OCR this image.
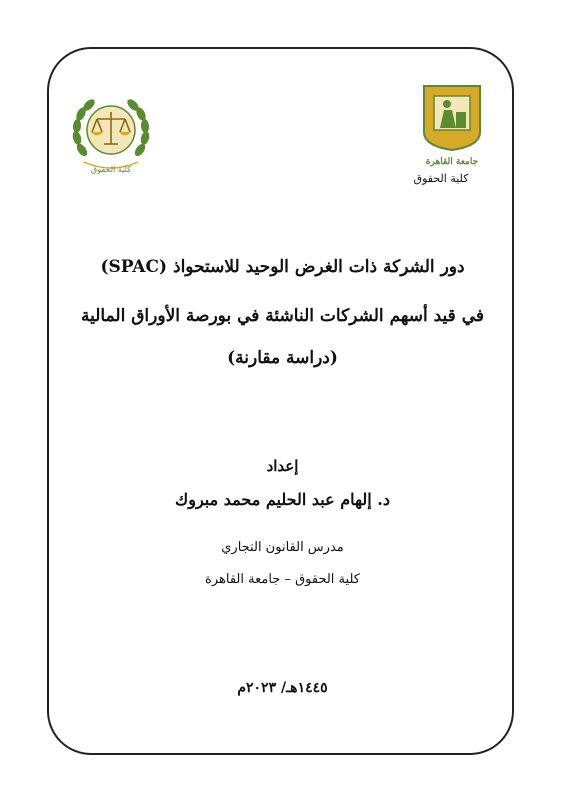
كلية الحقوق
جامعة القاهرة
كلية الحقوق
دور الشركة ذات الغرض الوحيد للاستحواذ (SPAC)
في قيد أسهم الشركات الناشئة في بورصة الأوراق المالية
(دراسة مقارنة)
إعداد
د. إلهام عبد الحليم محمد مبروك
مدرس القانون التجاري
كلية الحقوق – جامعة القاهرة
١٤٤٥هـ/ ٢٠٢٣م
